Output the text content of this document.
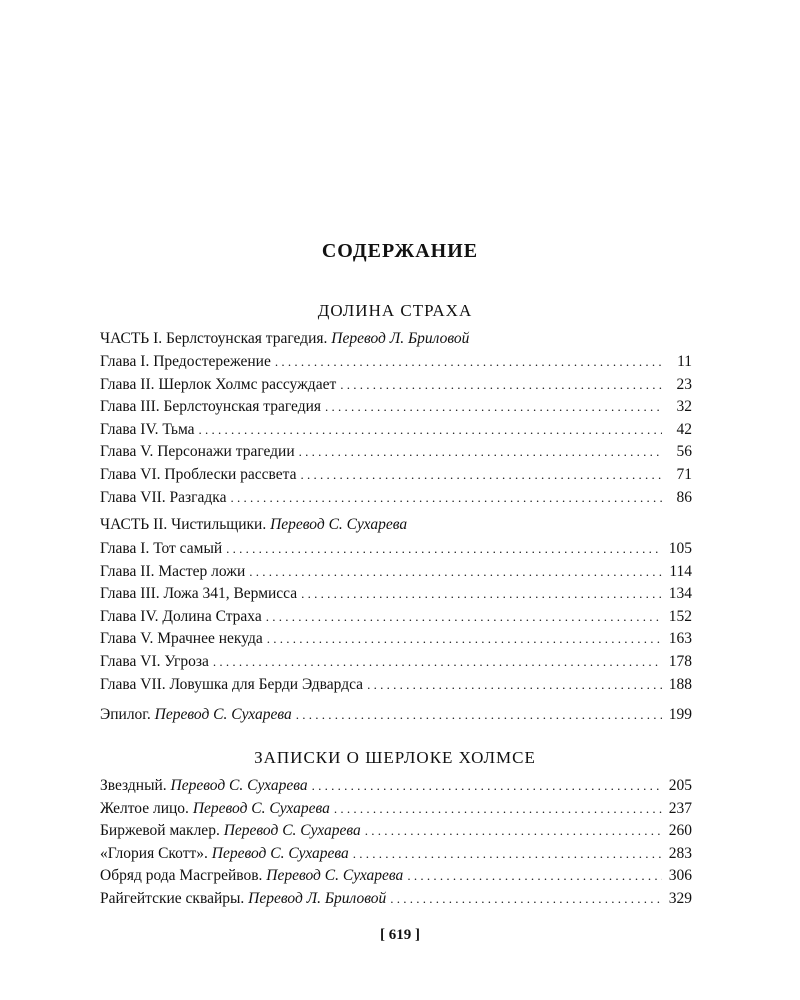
СОДЕРЖАНИЕ
ДОЛИНА СТРАХА
ЧАСТЬ I. Берлстоунская трагедия. Перевод Л. Бриловой
Глава I. Предостережение . . .	11
Глава II. Шерлок Холмс рассуждает . . .	23
Глава III. Берлстоунская трагедия . . .	32
Глава IV. Тьма . . .	42
Глава V. Персонажи трагедии . . .	56
Глава VI. Проблески рассвета . . .	71
Глава VII. Разгадка . . .	86
ЧАСТЬ II. Чистильщики. Перевод С. Сухарева
Глава I. Тот самый . . .	105
Глава II. Мастер ложи . . .	114
Глава III. Ложа 341, Вермисса . . .	134
Глава IV. Долина Страха . . .	152
Глава V. Мрачнее некуда . . .	163
Глава VI. Угроза . . .	178
Глава VII. Ловушка для Берди Эдвардса . . .	188
Эпилог. Перевод С. Сухарева . . .	199
ЗАПИСКИ О ШЕРЛОКЕ ХОЛМСЕ
Звездный. Перевод С. Сухарева . . .	205
Желтое лицо. Перевод С. Сухарева . . .	237
Биржевой маклер. Перевод С. Сухарева . . .	260
«Глория Скотт». Перевод С. Сухарева . . .	283
Обряд рода Масгрейвов. Перевод С. Сухарева . . .	306
Райгейтские сквайры. Перевод Л. Бриловой . . .	329
[ 619 ]
